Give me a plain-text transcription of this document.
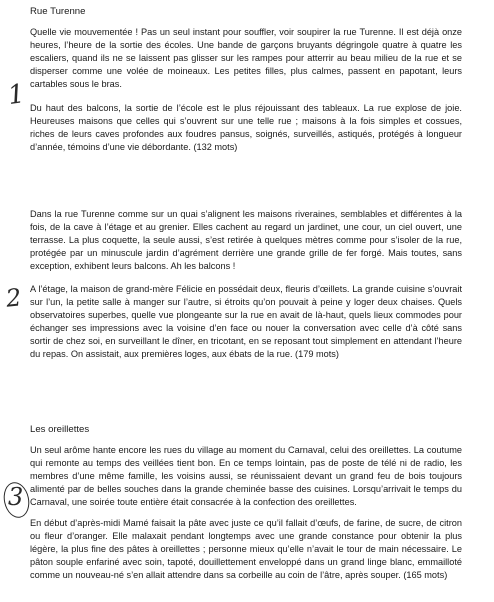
Rue Turenne

Quelle vie mouvementée ! Pas un seul instant pour souffler, voir soupirer la rue Turenne. Il est déjà onze heures, l’heure de la sortie des écoles. Une bande de garçons bruyants dégringole quatre à quatre les escaliers, quand ils ne se laissent pas glisser sur les rampes pour atterrir au beau milieu de la rue et se disperser comme une volée de moineaux. Les petites filles, plus calmes, passent en papotant, leurs cartables sous le bras.

Du haut des balcons, la sortie de l’école est le plus réjouissant des tableaux. La rue explose de joie. Heureuses maisons que celles qui s’ouvrent sur une telle rue ; maisons à la fois simples et cossues, riches de leurs caves profondes aux foudres pansus, soignés, surveillés, astiqués, protégés à longueur d’année, témoins d’une vie débordante. (132 mots)

1

Dans la rue Turenne comme sur un quai s’alignent les maisons riveraines, semblables et différentes à la fois, de la cave à l’étage et au grenier. Elles cachent au regard un jardinet, une cour, un ciel ouvert, une terrasse. La plus coquette, la seule aussi, s’est retirée à quelques mètres comme pour s’isoler de la rue, protégée par un minuscule jardin d’agrément derrière une grande grille de fer forgé. Mais toutes, sans exception, exhibent leurs balcons. Ah les balcons !

A l’étage, la maison de grand-mère Félicie en possédait deux, fleuris d’œillets. La grande cuisine s’ouvrait sur l’un, la petite salle à manger sur l’autre, si étroits qu’on pouvait à peine y loger deux chaises. Quels observatoires superbes, quelle vue plongeante sur la rue en avait de là-haut, quels lieux commodes pour échanger ses impressions avec la voisine d’en face ou nouer la conversation avec celle d’à côté sans sortir de chez soi, en surveillant le dîner, en tricotant, en se reposant tout simplement en attendant l’heure du repas. On assistait, aux premières loges, aux ébats de la rue. (179 mots)

2
Les oreillettes

Un seul arôme hante encore les rues du village au moment du Carnaval, celui des oreillettes. La coutume qui remonte au temps des veillées tient bon. En ce temps lointain, pas de poste de télé ni de radio, les membres d’une même famille, les voisins aussi, se réunissaient devant un grand feu de bois toujours alimenté par de belles souches dans la grande cheminée basse des cuisines. Lorsqu’arrivait le temps du Carnaval, une soirée toute entière était consacrée à la confection des oreillettes.

En début d’après-midi Mamé faisait la pâte avec juste ce qu’il fallait d’œufs, de farine, de sucre, de citron ou fleur d’oranger. Elle malaxait pendant longtemps avec une grande constance pour obtenir la plus légère, la plus fine des pâtes à oreillettes ; personne mieux qu’elle n’avait le tour de main nécessaire. Le pâton souple enfariné avec soin, tapoté, douillettement enveloppé dans un grand linge blanc, emmailloté comme un nouveau-né s’en allait attendre dans sa corbeille au coin de l’âtre, après souper. (165 mots)

3
